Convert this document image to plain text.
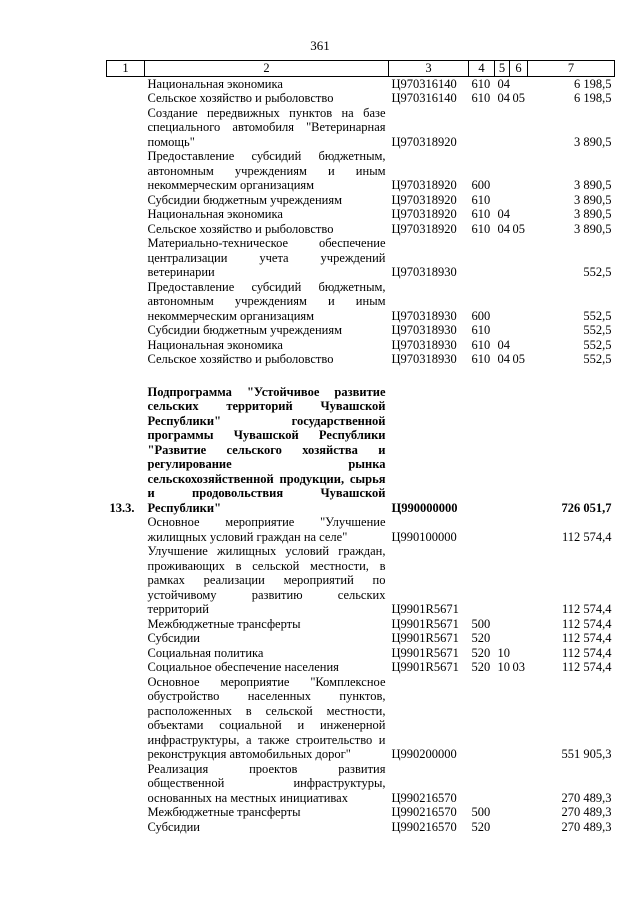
361
1	2	3	4	5	6	7
	Национальная экономика	Ц970316140	610	04		6 198,5
	Сельское хозяйство и рыболовство	Ц970316140	610	04	05	6 198,5
	Создание передвижных пунктов на базе специального автомобиля "Ветеринарная помощь"	Ц970318920				3 890,5
	Предоставление субсидий бюджетным, автономным учреждениям и иным некоммерческим организациям	Ц970318920	600			3 890,5
	Субсидии бюджетным учреждениям	Ц970318920	610			3 890,5
	Национальная экономика	Ц970318920	610	04		3 890,5
	Сельское хозяйство и рыболовство	Ц970318920	610	04	05	3 890,5
	Материально-техническое обеспечение централизации учета учреждений ветеринарии	Ц970318930				552,5
	Предоставление субсидий бюджетным, автономным учреждениям и иным некоммерческим организациям	Ц970318930	600			552,5
	Субсидии бюджетным учреждениям	Ц970318930	610			552,5
	Национальная экономика	Ц970318930	610	04		552,5
	Сельское хозяйство и рыболовство	Ц970318930	610	04	05	552,5

13.3.	Подпрограмма "Устойчивое развитие сельских территорий Чувашской Республики" государственной программы Чувашской Республики "Развитие сельского хозяйства и регулирование рынка сельскохозяйственной продукции, сырья и продовольствия Чувашской Республики"	Ц990000000				726 051,7
	Основное мероприятие "Улучшение жилищных условий граждан на селе"	Ц990100000				112 574,4
	Улучшение жилищных условий граждан, проживающих в сельской местности, в рамках реализации мероприятий по устойчивому развитию сельских территорий	Ц9901R5671				112 574,4
	Межбюджетные трансферты	Ц9901R5671	500			112 574,4
	Субсидии	Ц9901R5671	520			112 574,4
	Социальная политика	Ц9901R5671	520	10		112 574,4
	Социальное обеспечение населения	Ц9901R5671	520	10	03	112 574,4
	Основное мероприятие "Комплексное обустройство населенных пунктов, расположенных в сельской местности, объектами социальной и инженерной инфраструктуры, а также строительство и реконструкция автомобильных дорог"	Ц990200000				551 905,3
	Реализация проектов развития общественной инфраструктуры, основанных на местных инициативах	Ц990216570				270 489,3
	Межбюджетные трансферты	Ц990216570	500			270 489,3
	Субсидии	Ц990216570	520			270 489,3
